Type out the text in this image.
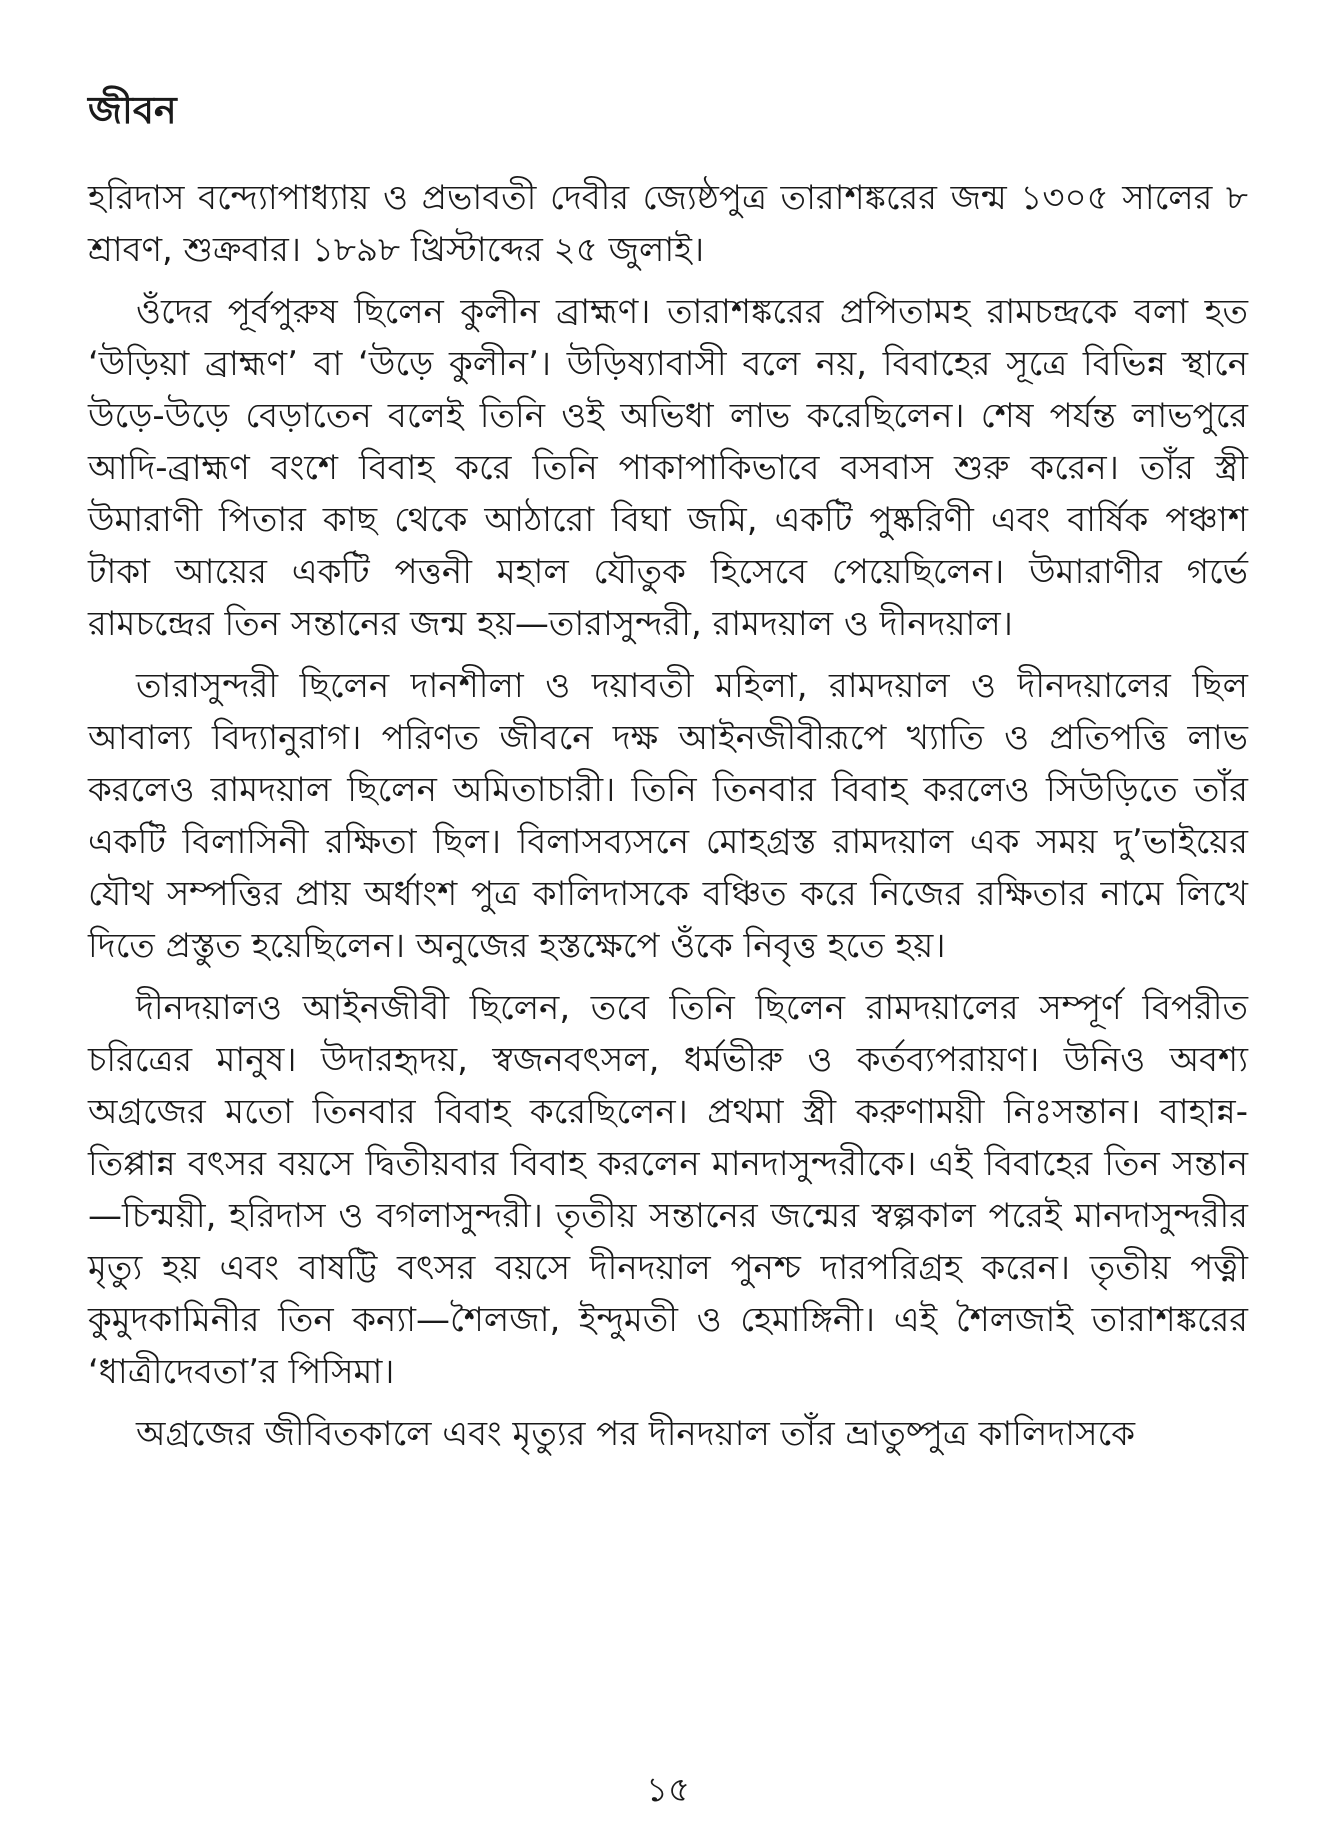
জীবন

হরিদাস বন্দ্যোপাধ্যায় ও প্রভাবতী দেবীর জ্যেষ্ঠপুত্র তারাশঙ্করের জন্ম ১৩০৫ সালের ৮ শ্রাবণ, শুক্রবার। ১৮৯৮ খ্রিস্টাব্দের ২৫ জুলাই।

ওঁদের পূর্বপুরুষ ছিলেন কুলীন ব্রাহ্মণ। তারাশঙ্করের প্রপিতামহ রামচন্দ্রকে বলা হত ‘উড়িয়া ব্রাহ্মণ’ বা ‘উড়ে কুলীন’। উড়িষ্যাবাসী বলে নয়, বিবাহের সূত্রে বিভিন্ন স্থানে উড়ে-উড়ে বেড়াতেন বলেই তিনি ওই অভিধা লাভ করেছিলেন। শেষ পর্যন্ত লাভপুরে আদি-ব্রাহ্মণ বংশে বিবাহ করে তিনি পাকাপাকিভাবে বসবাস শুরু করেন। তাঁর স্ত্রী উমারাণী পিতার কাছ থেকে আঠারো বিঘা জমি, একটি পুষ্করিণী এবং বার্ষিক পঞ্চাশ টাকা আয়ের একটি পত্তনী মহাল যৌতুক হিসেবে পেয়েছিলেন। উমারাণীর গর্ভে রামচন্দ্রের তিন সন্তানের জন্ম হয়—তারাসুন্দরী, রামদয়াল ও দীনদয়াল।

তারাসুন্দরী ছিলেন দানশীলা ও দয়াবতী মহিলা, রামদয়াল ও দীনদয়ালের ছিল আবাল্য বিদ্যানুরাগ। পরিণত জীবনে দক্ষ আইনজীবীরূপে খ্যাতি ও প্রতিপত্তি লাভ করলেও রামদয়াল ছিলেন অমিতাচারী। তিনি তিনবার বিবাহ করলেও সিউড়িতে তাঁর একটি বিলাসিনী রক্ষিতা ছিল। বিলাসব্যসনে মোহগ্রস্ত রামদয়াল এক সময় দু’ভাইয়ের যৌথ সম্পত্তির প্রায় অর্ধাংশ পুত্র কালিদাসকে বঞ্চিত করে নিজের রক্ষিতার নামে লিখে দিতে প্রস্তুত হয়েছিলেন। অনুজের হস্তক্ষেপে ওঁকে নিবৃত্ত হতে হয়।

দীনদয়ালও আইনজীবী ছিলেন, তবে তিনি ছিলেন রামদয়ালের সম্পূর্ণ বিপরীত চরিত্রের মানুষ। উদারহৃদয়, স্বজনবৎসল, ধর্মভীরু ও কর্তব্যপরায়ণ। উনিও অবশ্য অগ্রজের মতো তিনবার বিবাহ করেছিলেন। প্রথমা স্ত্রী করুণাময়ী নিঃসন্তান। বাহান্ন-তিপ্পান্ন বৎসর বয়সে দ্বিতীয়বার বিবাহ করলেন মানদাসুন্দরীকে। এই বিবাহের তিন সন্তান—চিন্ময়ী, হরিদাস ও বগলাসুন্দরী। তৃতীয় সন্তানের জন্মের স্বল্পকাল পরেই মানদাসুন্দরীর মৃত্যু হয় এবং বাষট্টি বৎসর বয়সে দীনদয়াল পুনশ্চ দারপরিগ্রহ করেন। তৃতীয় পত্নী কুমুদকামিনীর তিন কন্যা—শৈলজা, ইন্দুমতী ও হেমাঙ্গিনী। এই শৈলজাই তারাশঙ্করের ‘ধাত্রীদেবতা’র পিসিমা।

অগ্রজের জীবিতকালে এবং মৃত্যুর পর দীনদয়াল তাঁর ভ্রাতুষ্পুত্র কালিদাসকে

১৫
